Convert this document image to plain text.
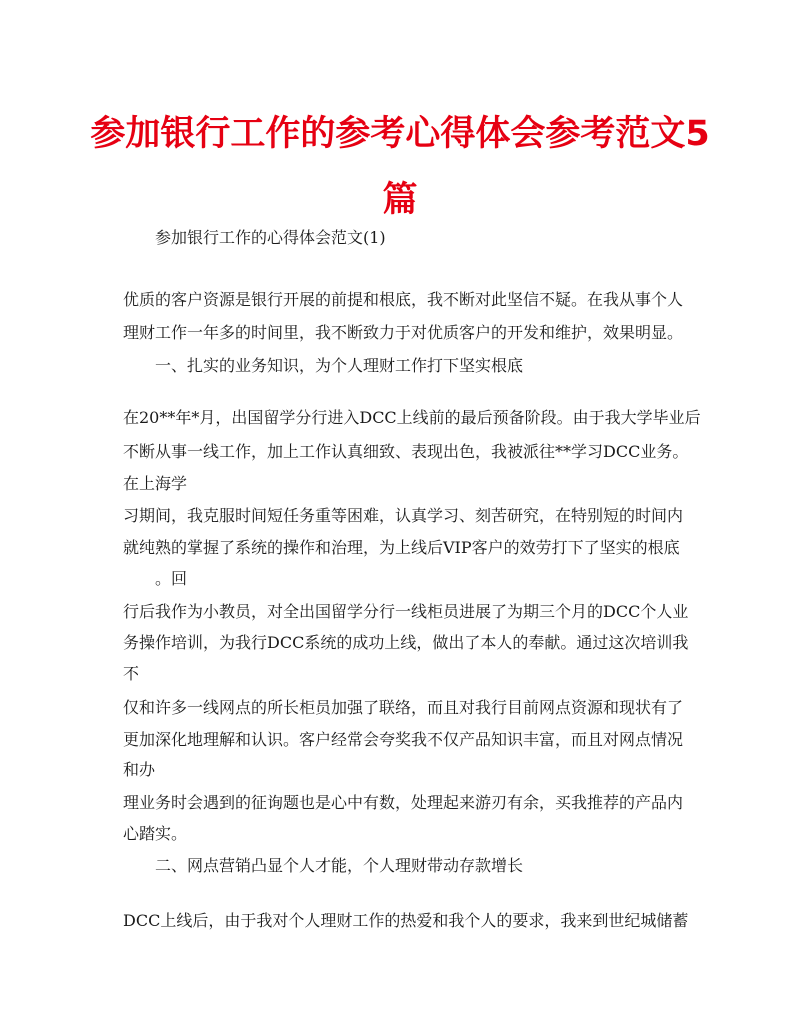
参加银行工作的参考心得体会参考范文5
篇

参加银行工作的心得体会范文(1)

优质的客户资源是银行开展的前提和根底，我不断对此坚信不疑。在我从事个人

理财工作一年多的时间里，我不断致力于对优质客户的开发和维护，效果明显。

一、扎实的业务知识，为个人理财工作打下坚实根底

在20**年*月，出国留学分行进入DCC上线前的最后预备阶段。由于我大学毕业后

不断从事一线工作，加上工作认真细致、表现出色，我被派往**学习DCC业务。

在上海学

习期间，我克服时间短任务重等困难，认真学习、刻苦研究，在特别短的时间内

就纯熟的掌握了系统的操作和治理，为上线后VIP客户的效劳打下了坚实的根底

。回

行后我作为小教员，对全出国留学分行一线柜员进展了为期三个月的DCC个人业

务操作培训，为我行DCC系统的成功上线，做出了本人的奉献。通过这次培训我

不

仅和许多一线网点的所长柜员加强了联络，而且对我行目前网点资源和现状有了

更加深化地理解和认识。客户经常会夸奖我不仅产品知识丰富，而且对网点情况

和办

理业务时会遇到的征询题也是心中有数，处理起来游刃有余，买我推荐的产品内

心踏实。

二、网点营销凸显个人才能，个人理财带动存款增长

DCC上线后，由于我对个人理财工作的热爱和我个人的要求，我来到世纪城储蓄
